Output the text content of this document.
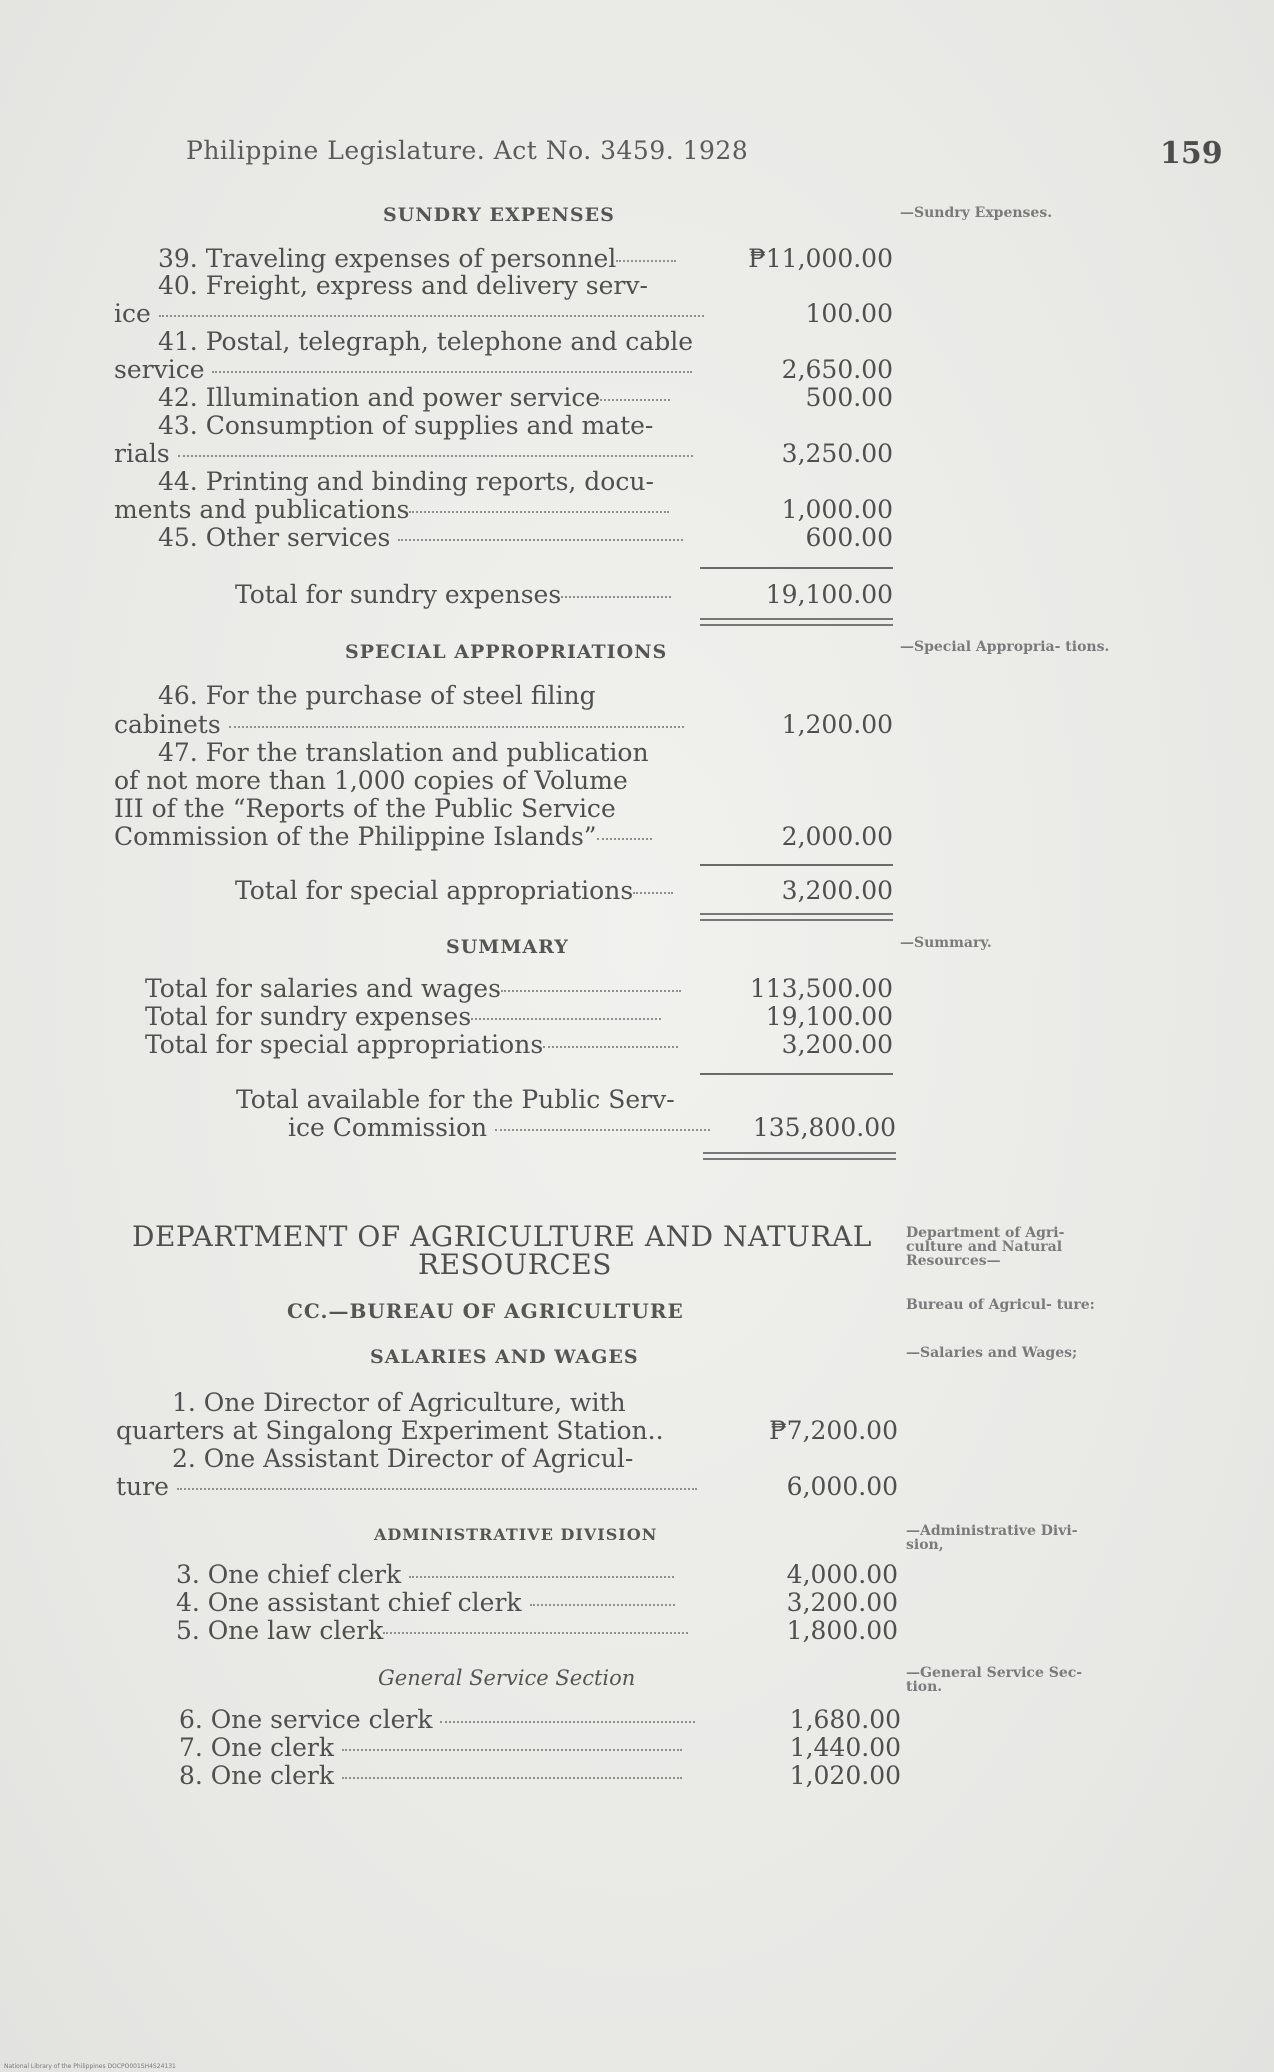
Philippine Legislature. Act No. 3459. 1928	159
SUNDRY EXPENSES	—Sundry Expenses.
39. Traveling expenses of personnel	₱11,000.00
40. Freight, express and delivery serv-
ice	100.00
41. Postal, telegraph, telephone and cable
service	2,650.00
42. Illumination and power service	500.00
43. Consumption of supplies and mate-
rials	3,250.00
44. Printing and binding reports, docu-
ments and publications	1,000.00
45. Other services	600.00
Total for sundry expenses	19,100.00
SPECIAL APPROPRIATIONS	—Special Appropria- tions.
46. For the purchase of steel filing
cabinets	1,200.00
47. For the translation and publication
of not more than 1,000 copies of Volume
III of the “Reports of the Public Service
Commission of the Philippine Islands”	2,000.00
Total for special appropriations	3,200.00
SUMMARY	—Summary.
Total for salaries and wages	113,500.00
Total for sundry expenses	19,100.00
Total for special appropriations	3,200.00
Total available for the Public Serv-
ice Commission	135,800.00
DEPARTMENT OF AGRICULTURE AND NATURAL
RESOURCES
Department of Agri- culture and Natural Resources—
CC.—BUREAU OF AGRICULTURE	Bureau of Agricul- ture:
SALARIES AND WAGES	—Salaries and Wages;
1. One Director of Agriculture, with
quarters at Singalong Experiment Station..	₱7,200.00
2. One Assistant Director of Agricul-
ture	6,000.00
ADMINISTRATIVE DIVISION	—Administrative Divi- sion,
3. One chief clerk	4,000.00
4. One assistant chief clerk	3,200.00
5. One law clerk	1,800.00
General Service Section	—General Service Sec- tion.
6. One service clerk	1,680.00
7. One clerk	1,440.00
8. One clerk	1,020.00
National Library of the Philippines DOCPO001SH4S24131
